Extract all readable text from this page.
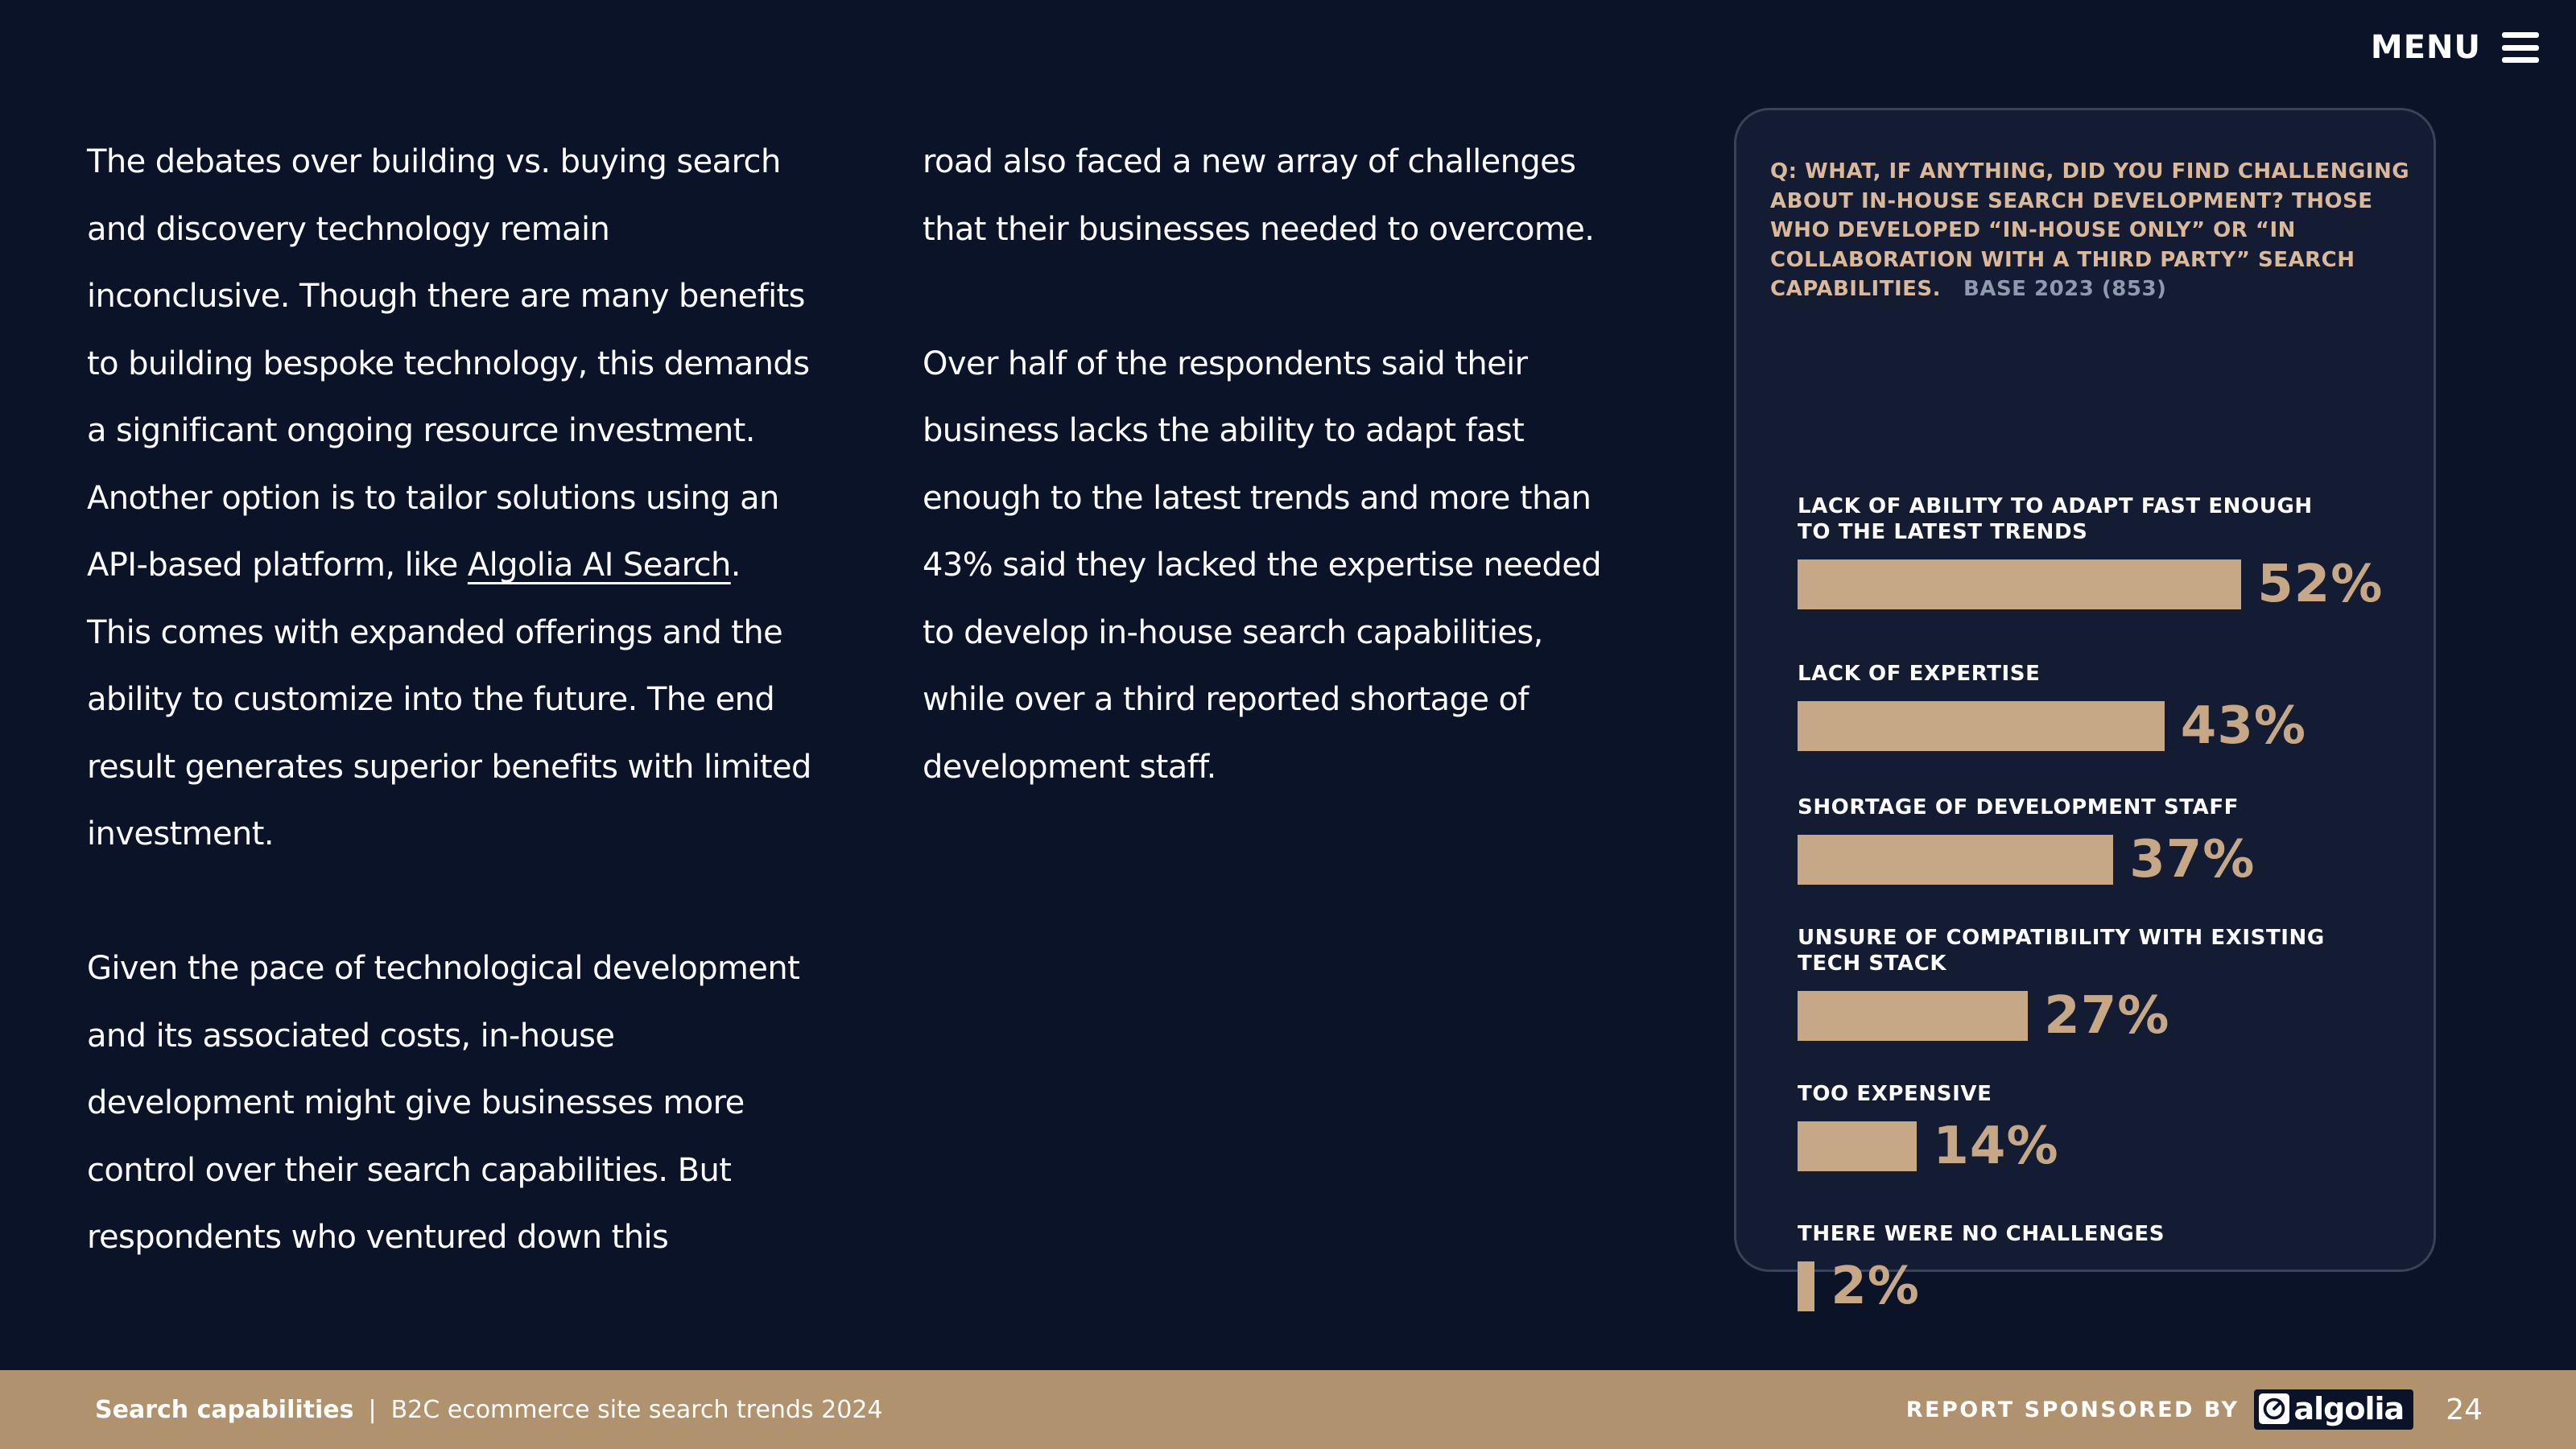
MENU

The debates over building vs. buying search and discovery technology remain inconclusive. Though there are many benefits to building bespoke technology, this demands a significant ongoing resource investment. Another option is to tailor solutions using an API-based platform, like Algolia AI Search. This comes with expanded offerings and the ability to customize into the future. The end result generates superior benefits with limited investment.

Given the pace of technological development and its associated costs, in-house development might give businesses more control over their search capabilities. But respondents who ventured down this

road also faced a new array of challenges that their businesses needed to overcome.

Over half of the respondents said their business lacks the ability to adapt fast enough to the latest trends and more than 43% said they lacked the expertise needed to develop in-house search capabilities, while over a third reported shortage of development staff.

Q: WHAT, IF ANYTHING, DID YOU FIND CHALLENGING ABOUT IN-HOUSE SEARCH DEVELOPMENT? THOSE WHO DEVELOPED “IN-HOUSE ONLY” OR “IN COLLABORATION WITH A THIRD PARTY” SEARCH CAPABILITIES. BASE 2023 (853)
LACK OF ABILITY TO ADAPT FAST ENOUGH TO THE LATEST TRENDS
52%
LACK OF EXPERTISE
43%
SHORTAGE OF DEVELOPMENT STAFF
37%
UNSURE OF COMPATIBILITY WITH EXISTING TECH STACK
27%
TOO EXPENSIVE
14%
THERE WERE NO CHALLENGES
2%
Search capabilities | B2C ecommerce site search trends 2024	REPORT SPONSORED BY algolia 24
